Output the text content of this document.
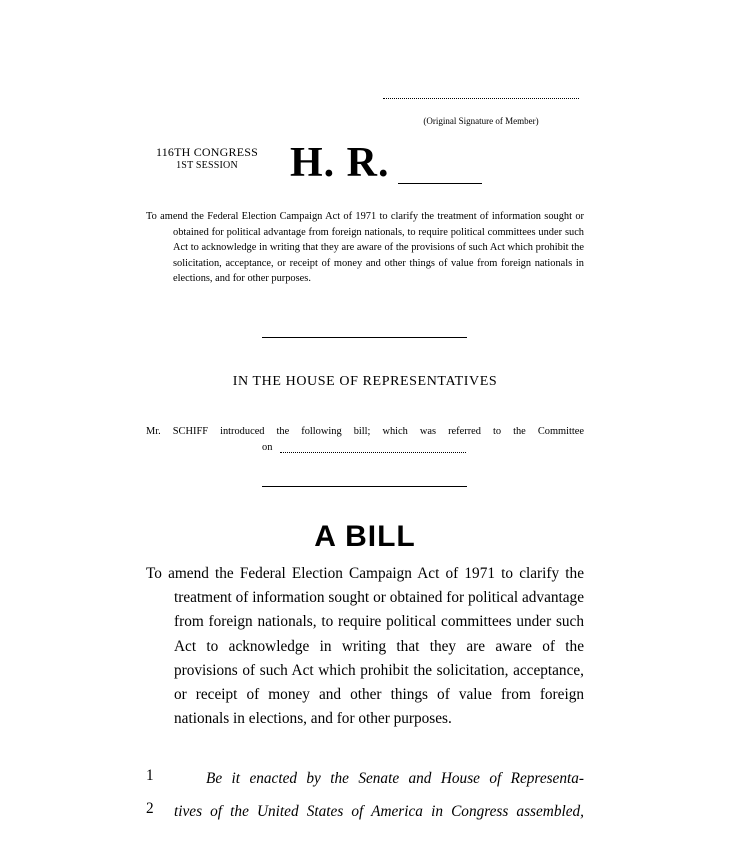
(Original Signature of Member)
116TH CONGRESS
1ST SESSION	H. R.
To amend the Federal Election Campaign Act of 1971 to clarify the treatment of information sought or obtained for political advantage from foreign nationals, to require political committees under such Act to acknowledge in writing that they are aware of the provisions of such Act which prohibit the solicitation, acceptance, or receipt of money and other things of value from foreign nationals in elections, and for other purposes.
IN THE HOUSE OF REPRESENTATIVES
Mr. SCHIFF introduced the following bill; which was referred to the Committee
on
A BILL
To amend the Federal Election Campaign Act of 1971 to clarify the treatment of information sought or obtained for political advantage from foreign nationals, to require political committees under such Act to acknowledge in writing that they are aware of the provisions of such Act which prohibit the solicitation, acceptance, or receipt of money and other things of value from foreign nationals in elections, and for other purposes.
1	Be it enacted by the Senate and House of Representa-
2	tives of the United States of America in Congress assembled,
